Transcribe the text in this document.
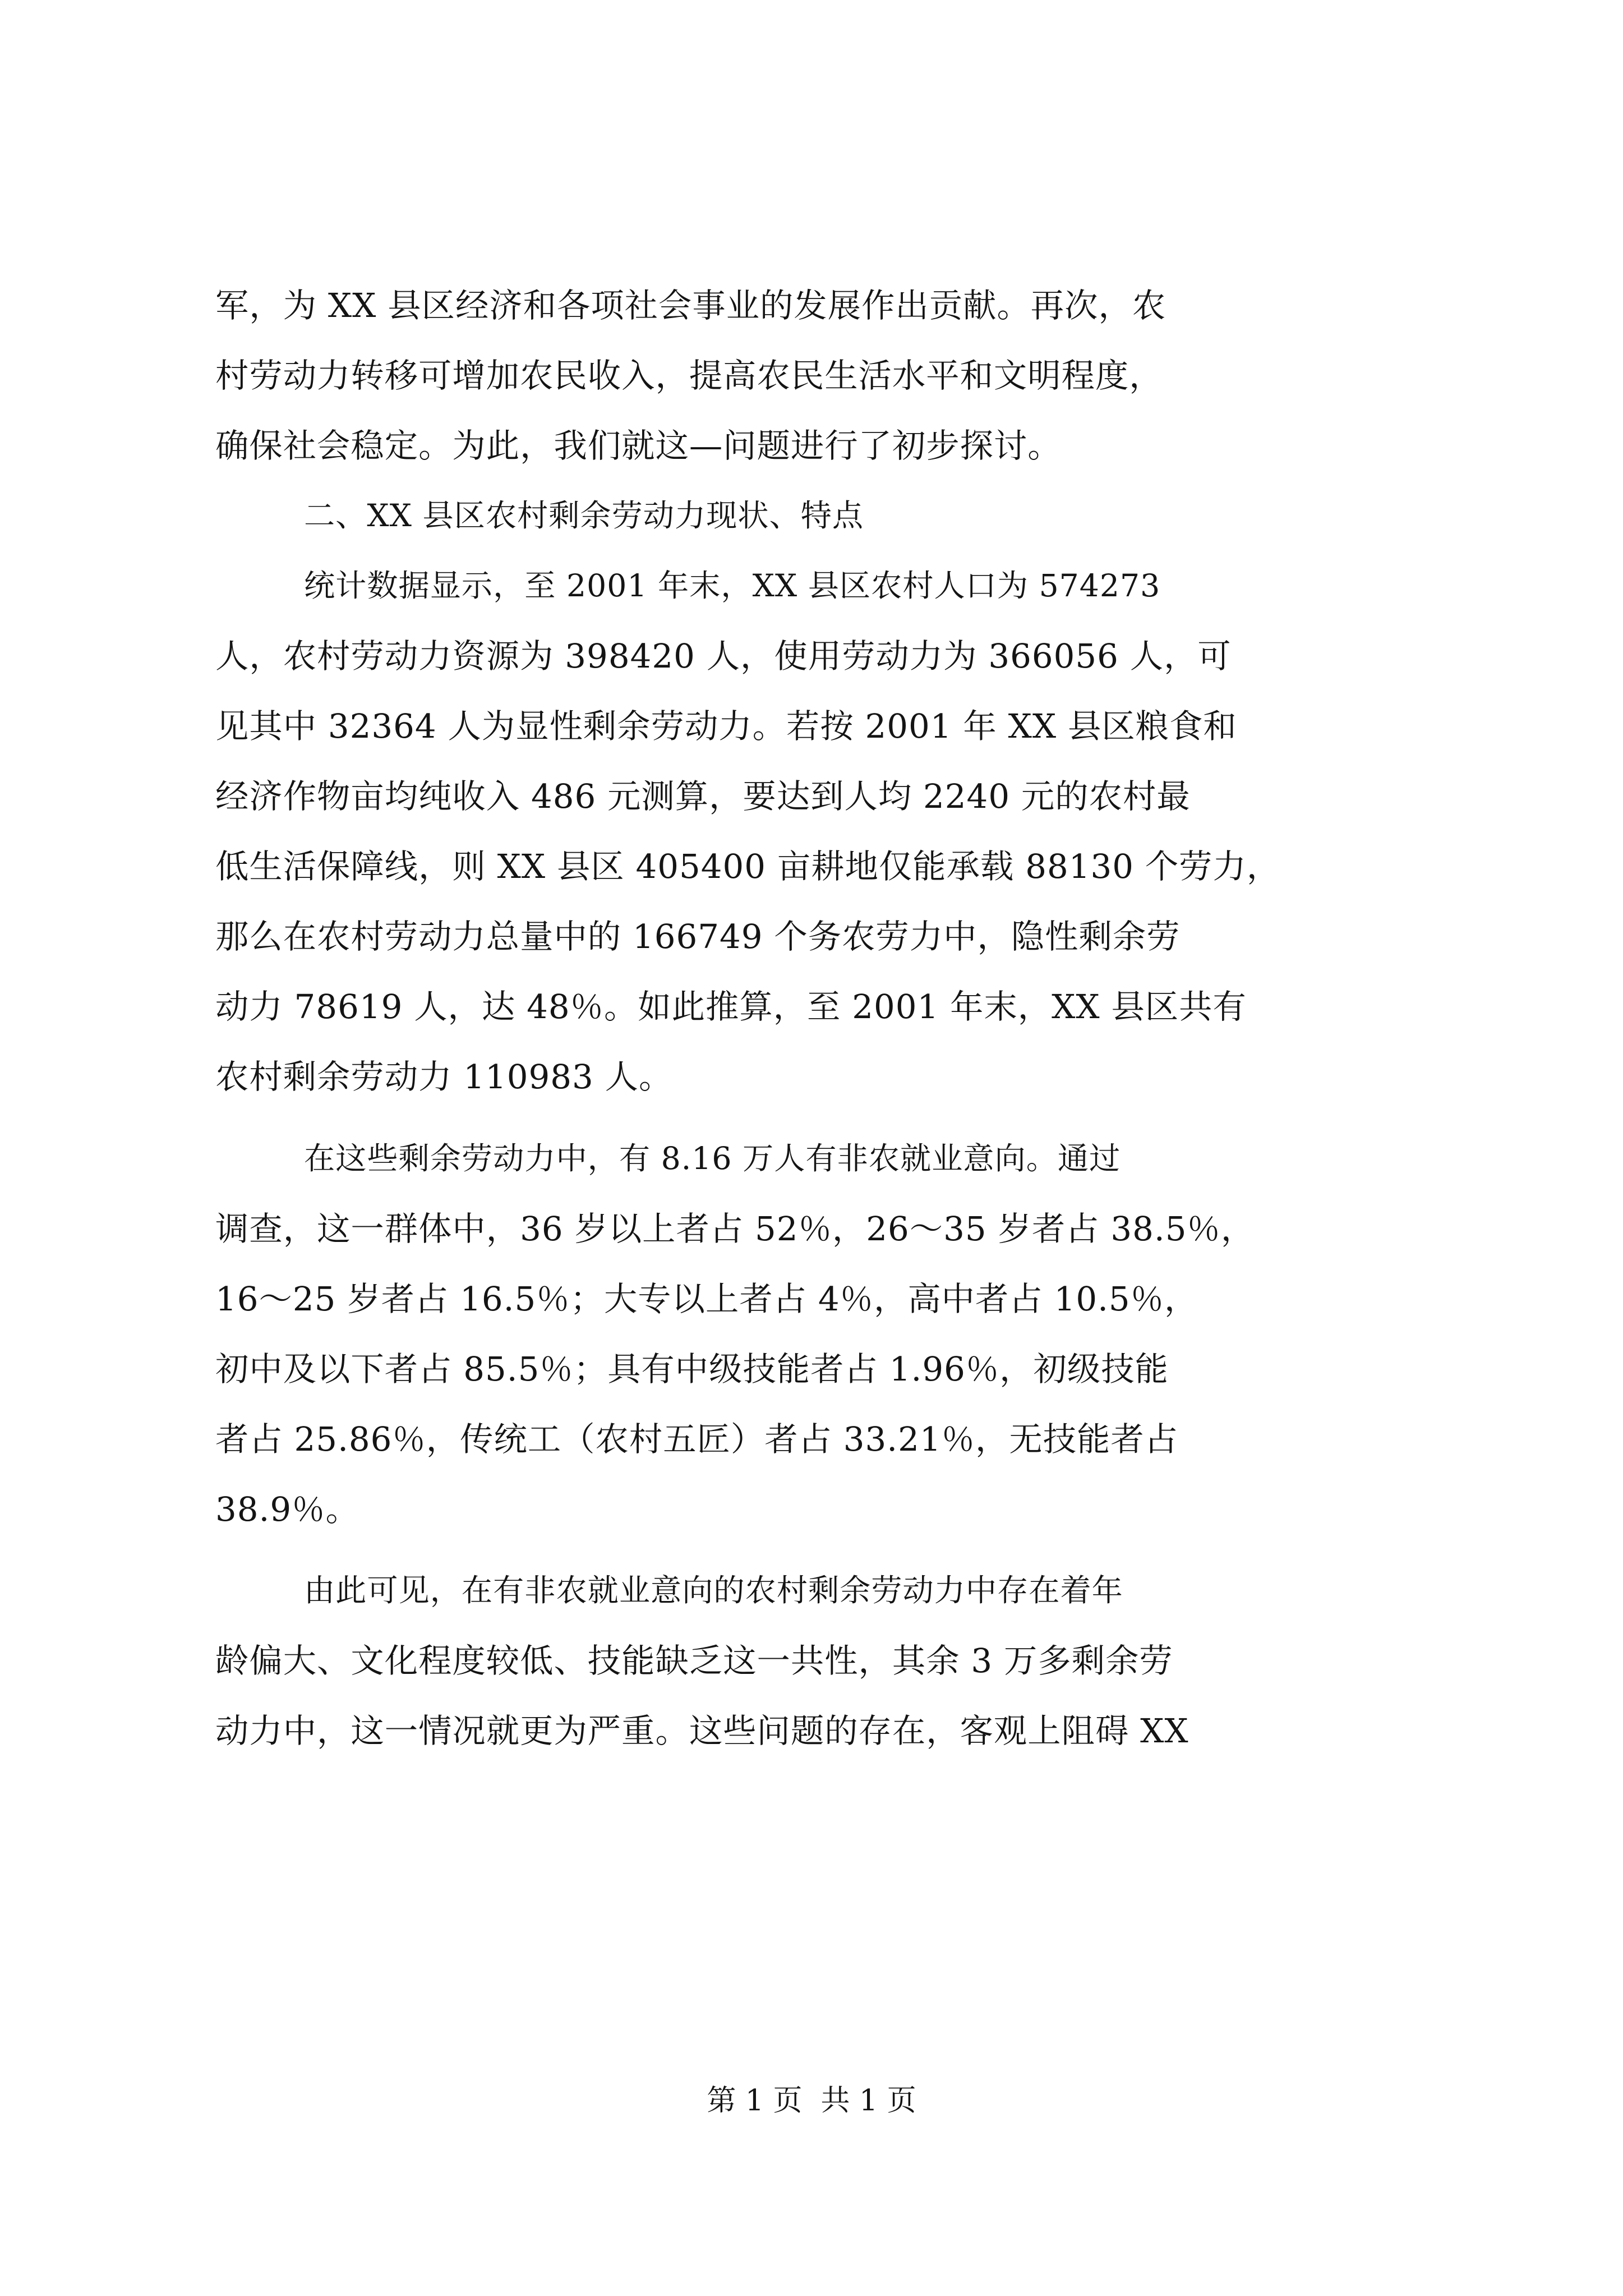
军，为 XX 县区经济和各项社会事业的发展作出贡献。再次，农
村劳动力转移可增加农民收入，提高农民生活水平和文明程度，
确保社会稳定。为此，我们就这—问题进行了初步探讨。
二、XX 县区农村剩余劳动力现状、特点
统计数据显示，至 2001 年末，XX 县区农村人口为 574273
人，农村劳动力资源为 398420 人，使用劳动力为 366056 人，可
见其中 32364 人为显性剩余劳动力。若按 2001 年 XX 县区粮食和
经济作物亩均纯收入 486 元测算，要达到人均 2240 元的农村最
低生活保障线，则 XX 县区 405400 亩耕地仅能承载 88130 个劳力，
那么在农村劳动力总量中的 166749 个务农劳力中，隐性剩余劳
动力 78619 人，达 48％。如此推算，至 2001 年末，XX 县区共有
农村剩余劳动力 110983 人。
在这些剩余劳动力中，有 8.16 万人有非农就业意向。通过
调查，这一群体中，36 岁以上者占 52％，26～35 岁者占 38.5％，
16～25 岁者占 16.5％；大专以上者占 4％，高中者占 10.5％，
初中及以下者占 85.5％；具有中级技能者占 1.96％，初级技能
者占 25.86％，传统工（农村五匠）者占 33.21％，无技能者占
38.9％。
由此可见，在有非农就业意向的农村剩余劳动力中存在着年
龄偏大、文化程度较低、技能缺乏这一共性，其余 3 万多剩余劳
动力中，这一情况就更为严重。这些问题的存在，客观上阻碍 XX
第 1 页  共 1 页
